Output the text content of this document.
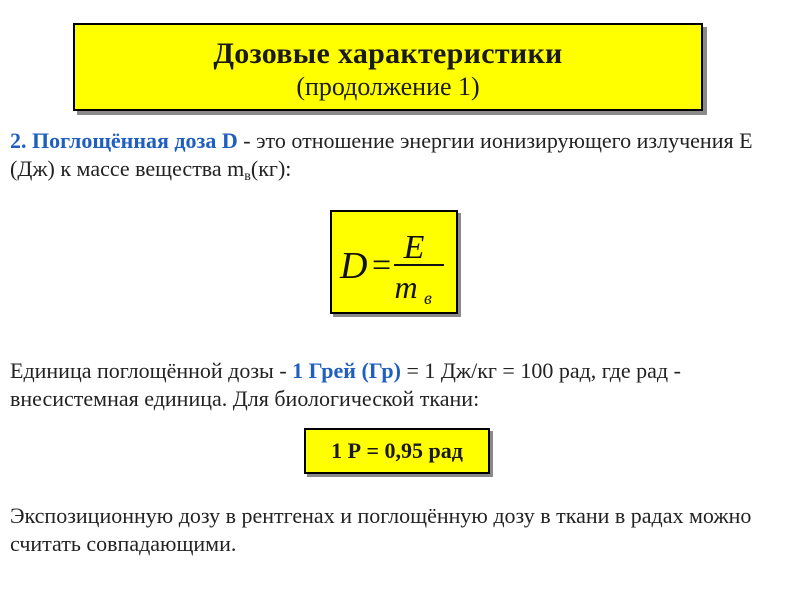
Дозовые характеристики
(продолжение 1)
2. Поглощённая доза D - это отношение энергии ионизирующего излучения Е (Дж) к массе вещества $m_в(кг)$:
D = E
m в
Единица поглощённой дозы - 1 Грей (Гр) = 1 Дж/кг = 100 рад, где рад - внесистемная единица. Для биологической ткани:
1 Р = 0,95 рад
Экспозиционную дозу в рентгенах и поглощённую дозу в ткани в радах можно считать совпадающими.
